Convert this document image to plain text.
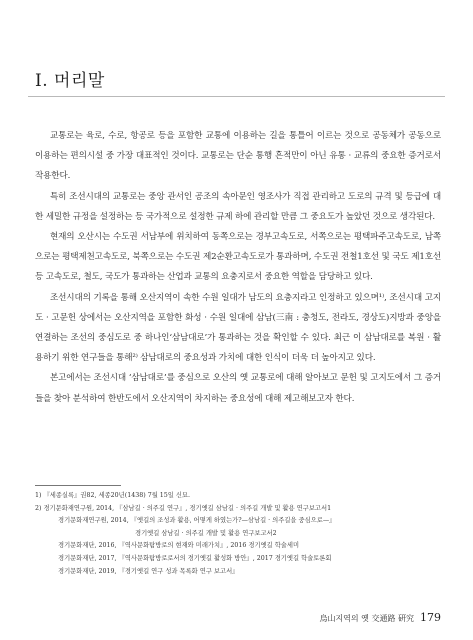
Ⅰ. 머리말

교통로는 육로, 수로, 항공로 등을 포함한 교통에 이용하는 길을 통틀어 이르는 것으로 공동체가 공동으로 이용하는 편의시설 중 가장 대표적인 것이다. 교통로는 단순 통행 흔적만이 아닌 유통 · 교류의 중요한 증거로서 작용한다.

특히 조선시대의 교통로는 중앙 관서인 공조의 속아문인 영조사가 직접 관리하고 도로의 규격 및 등급에 대한 세밀한 규정을 설정하는 등 국가적으로 설정한 규제 하에 관리할 만큼 그 중요도가 높았던 것으로 생각된다.

현재의 오산시는 수도권 서남부에 위치하여 동쪽으로는 경부고속도로, 서쪽으로는 평택파주고속도로, 남쪽으로는 평택제천고속도로, 북쪽으로는 수도권 제2순환고속도로가 통과하며, 수도권 전철1호선 및 국도 제1호선 등 고속도로, 철도, 국도가 통과하는 산업과 교통의 요충지로서 중요한 역할을 담당하고 있다.

조선시대의 기록을 통해 오산지역이 속한 수원 일대가 남도의 요충지라고 인정하고 있으며¹⁾, 조선시대 고지도 · 고문헌 상에서는 오산지역을 포함한 화성 · 수원 일대에 삼남(三南 : 충청도, 전라도, 경상도)지방과 중앙을 연결하는 조선의 중심도로 중 하나인‘삼남대로’가 통과하는 것을 확인할 수 있다. 최근 이 삼남대로를 복원 · 활용하기 위한 연구들을 통해²⁾ 삼남대로의 중요성과 가치에 대한 인식이 더욱 더 높아지고 있다.

본고에서는 조선시대 ‘삼남대로’를 중심으로 오산의 옛 교통로에 대해 알아보고 문헌 및 고지도에서 그 증거들을 찾아 분석하여 한반도에서 오산지역이 차지하는 중요성에 대해 제고해보고자 한다.

1) 『세종실록』권82, 세종20년(1438) 7월 15일 신묘.

2) 경기문화재연구원, 2014, 『삼남길 · 의주길 연구』, 경기옛길 삼남길 · 의주길 개발 및 활용 연구보고서1

경기문화재연구원, 2014, 『옛길의 조성과 활용, 어떻게 하였는가?—삼남길 · 의주길을 중심으로—』

경기옛길 삼남길 · 의주길 개발 및 활용 연구보고서2

경기문화재단, 2016, 『역사문화탐방로의 현재와 미래가치』, 2016 경기옛길 학술세미

경기문화재단, 2017, 『역사문화탐방로로서의 경기옛길 활성화 방안』, 2017 경기옛길 학술토론회

경기문화재단, 2019, 『경기옛길 연구 성과 목록화 연구 보고서』

烏山지역의 옛 交通路 硏究 179
